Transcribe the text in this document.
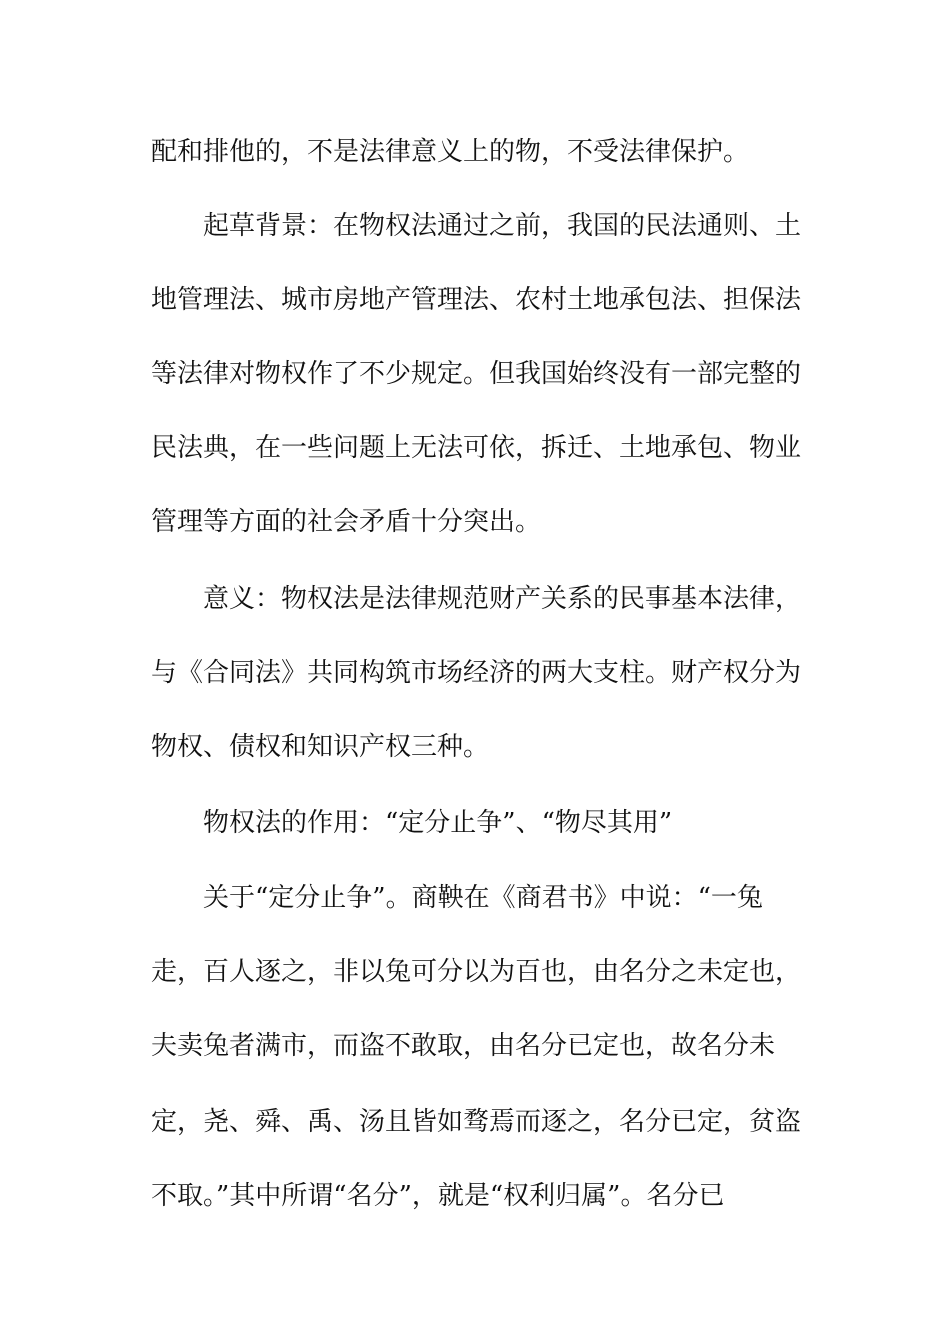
配和排他的，不是法律意义上的物，不受法律保护。
起草背景：在物权法通过之前，我国的民法通则、土
地管理法、城市房地产管理法、农村土地承包法、担保法
等法律对物权作了不少规定。但我国始终没有一部完整的
民法典，在一些问题上无法可依，拆迁、土地承包、物业
管理等方面的社会矛盾十分突出。
意义：物权法是法律规范财产关系的民事基本法律，
与《合同法》共同构筑市场经济的两大支柱。财产权分为
物权、债权和知识产权三种。
物权法的作用：“定分止争”、“物尽其用”
关于“定分止争”。商鞅在《商君书》中说：“一兔
走，百人逐之，非以兔可分以为百也，由名分之未定也，
夫卖兔者满市，而盗不敢取，由名分已定也，故名分未
定，尧、舜、禹、汤且皆如骛焉而逐之，名分已定，贫盗
不取。”其中所谓“名分”，就是“权利归属”。名分已
